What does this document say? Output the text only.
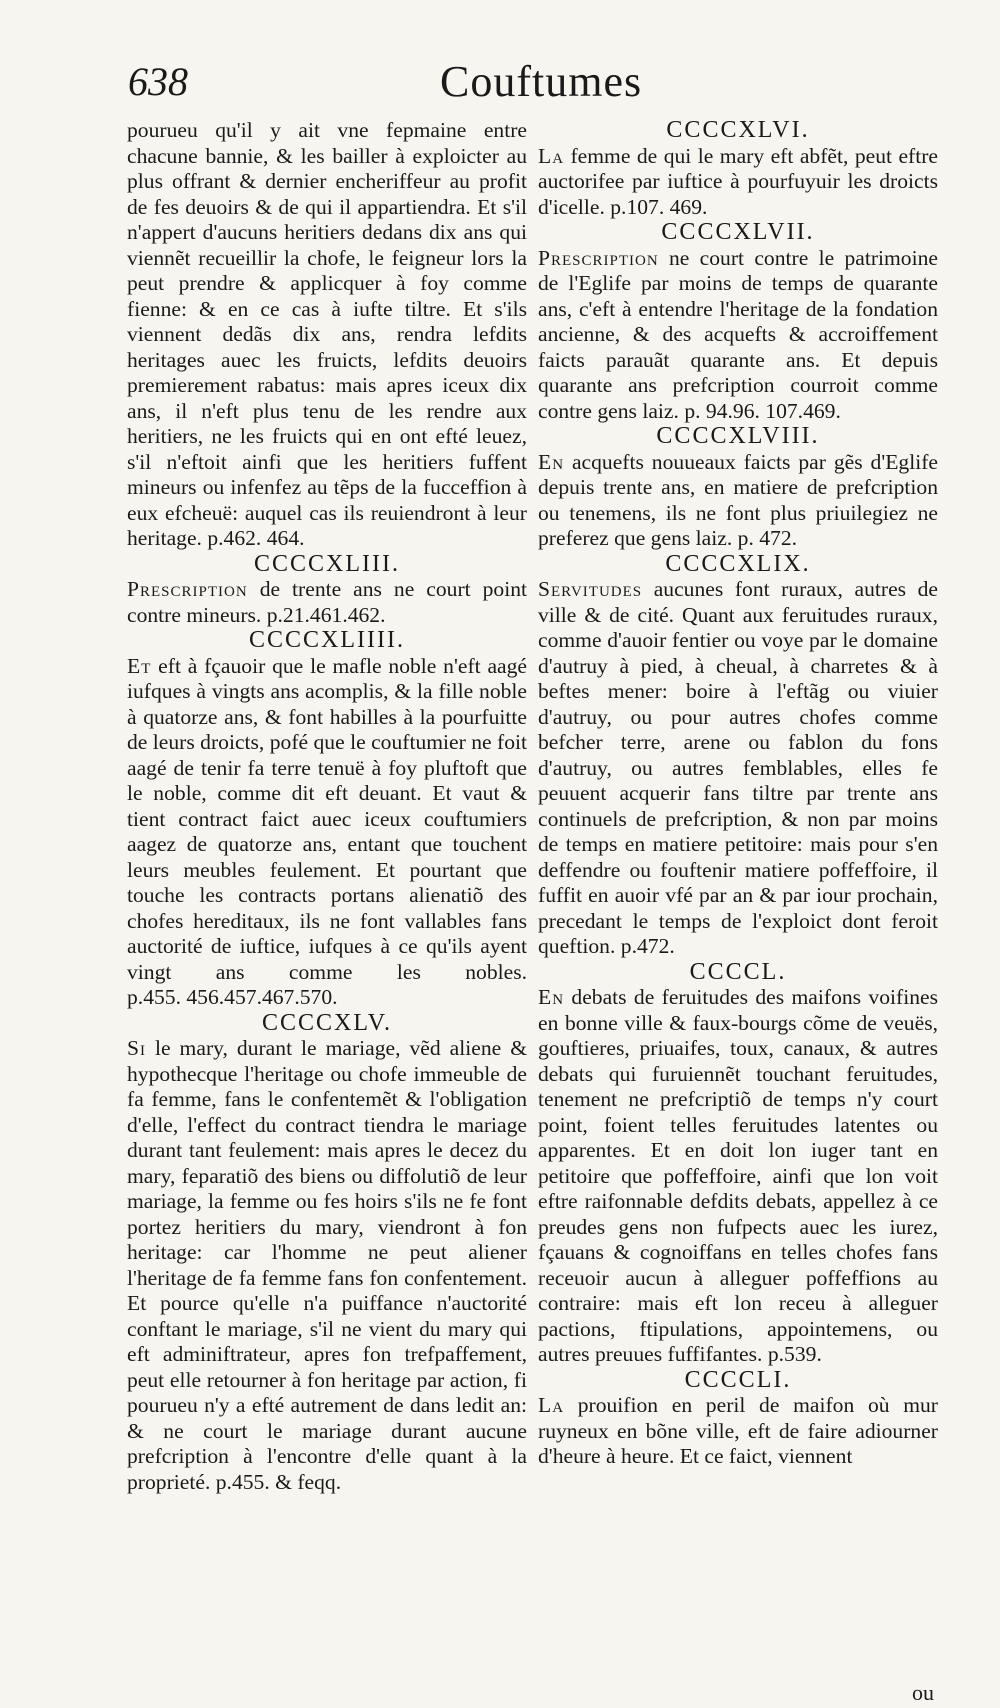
638	Couftumes

pourueu qu'il y ait vne fepmaine entre chacune bannie, & les bailler à exploicter au plus offrant & dernier encheriffeur au profit de fes deuoirs & de qui il appartiendra. Et s'il n'appert d'aucuns heritiers dedans dix ans qui viennẽt recueillir la chofe, le feigneur lors la peut prendre & applicquer à foy comme fienne: & en ce cas à iufte tiltre. Et s'ils viennent dedãs dix ans, rendra lefdits heritages auec les fruicts, lefdits deuoirs premierement rabatus: mais apres iceux dix ans, il n'eft plus tenu de les rendre aux heritiers, ne les fruicts qui en ont efté leuez, s'il n'eftoit ainfi que les heritiers fuffent mineurs ou infenfez au tẽps de la fucceffion à eux efcheuë: auquel cas ils reuiendront à leur heritage. p.462. 464.

CCCCXLIII.

Prescription de trente ans ne court point contre mineurs. p.21.461.462.

CCCCXLIIII.

Et eft à fçauoir que le mafle noble n'eft aagé iufques à vingts ans acomplis, & la fille noble à quatorze ans, & font habilles à la pourfuitte de leurs droicts, pofé que le couftumier ne foit aagé de tenir fa terre tenuë à foy pluftoft que le noble, comme dit eft deuant. Et vaut & tient contract faict auec iceux couftumiers aagez de quatorze ans, entant que touchent leurs meubles feulement. Et pourtant que touche les contracts portans alienatiõ des chofes hereditaux, ils ne font vallables fans auctorité de iuftice, iufques à ce qu'ils ayent vingt ans comme les nobles. p.455. 456.457.467.570.

CCCCXLV.

Si le mary, durant le mariage, vẽd aliene & hypothecque l'heritage ou chofe immeuble de fa femme, fans le confentemẽt & l'obligation d'elle, l'effect du contract tiendra le mariage durant tant feulement: mais apres le decez du mary, feparatiõ des biens ou diffolutiõ de leur mariage, la femme ou fes hoirs s'ils ne fe font portez heritiers du mary, viendront à fon heritage: car l'homme ne peut aliener l'heritage de fa femme fans fon confentement. Et pource qu'elle n'a puiffance n'auctorité conftant le mariage, s'il ne vient du mary qui eft adminiftrateur, apres fon trefpaffement, peut elle retourner à fon heritage par action, fi pourueu n'y a efté autrement de dans ledit an: & ne court le mariage durant aucune prefcription à l'encontre d'elle quant à la proprieté. p.455. & feqq.

CCCCXLVI.

La femme de qui le mary eft abfẽt, peut eftre auctorifee par iuftice à pourfuyuir les droicts d'icelle. p.107. 469.

CCCCXLVII.

Prescription ne court contre le patrimoine de l'Eglife par moins de temps de quarante ans, c'eft à entendre l'heritage de la fondation ancienne, & des acquefts & accroiffement faicts parauãt quarante ans. Et depuis quarante ans prefcription courroit comme contre gens laiz. p. 94.96. 107.469.

CCCCXLVIII.

En acquefts nouueaux faicts par gẽs d'Eglife depuis trente ans, en matiere de prefcription ou tenemens, ils ne font plus priuilegiez ne preferez que gens laiz. p. 472.

CCCCXLIX.

Servitudes aucunes font ruraux, autres de ville & de cité. Quant aux feruitudes ruraux, comme d'auoir fentier ou voye par le domaine d'autruy à pied, à cheual, à charretes & à beftes mener: boire à l'eftãg ou viuier d'autruy, ou pour autres chofes comme befcher terre, arene ou fablon du fons d'autruy, ou autres femblables, elles fe peuuent acquerir fans tiltre par trente ans continuels de prefcription, & non par moins de temps en matiere petitoire: mais pour s'en deffendre ou fouftenir matiere poffeffoire, il fuffit en auoir vfé par an & par iour prochain, precedant le temps de l'exploict dont feroit queftion. p.472.

CCCCL.

En debats de feruitudes des maifons voifines en bonne ville & faux-bourgs cõme de veuës, gouftieres, priuaifes, toux, canaux, & autres debats qui furuiennẽt touchant feruitudes, tenement ne prefcriptiõ de temps n'y court point, foient telles feruitudes latentes ou apparentes. Et en doit lon iuger tant en petitoire que poffeffoire, ainfi que lon voit eftre raifonnable defdits debats, appellez à ce preudes gens non fufpects auec les iurez, fçauans & cognoiffans en telles chofes fans receuoir aucun à alleguer poffeffions au contraire: mais eft lon receu à alleguer pactions, ftipulations, appointemens, ou autres preuues fuffifantes. p.539.

CCCCLI.

La prouifion en peril de maifon où mur ruyneux en bõne ville, eft de faire adiourner d'heure à heure. Et ce faict, viennent

ou
